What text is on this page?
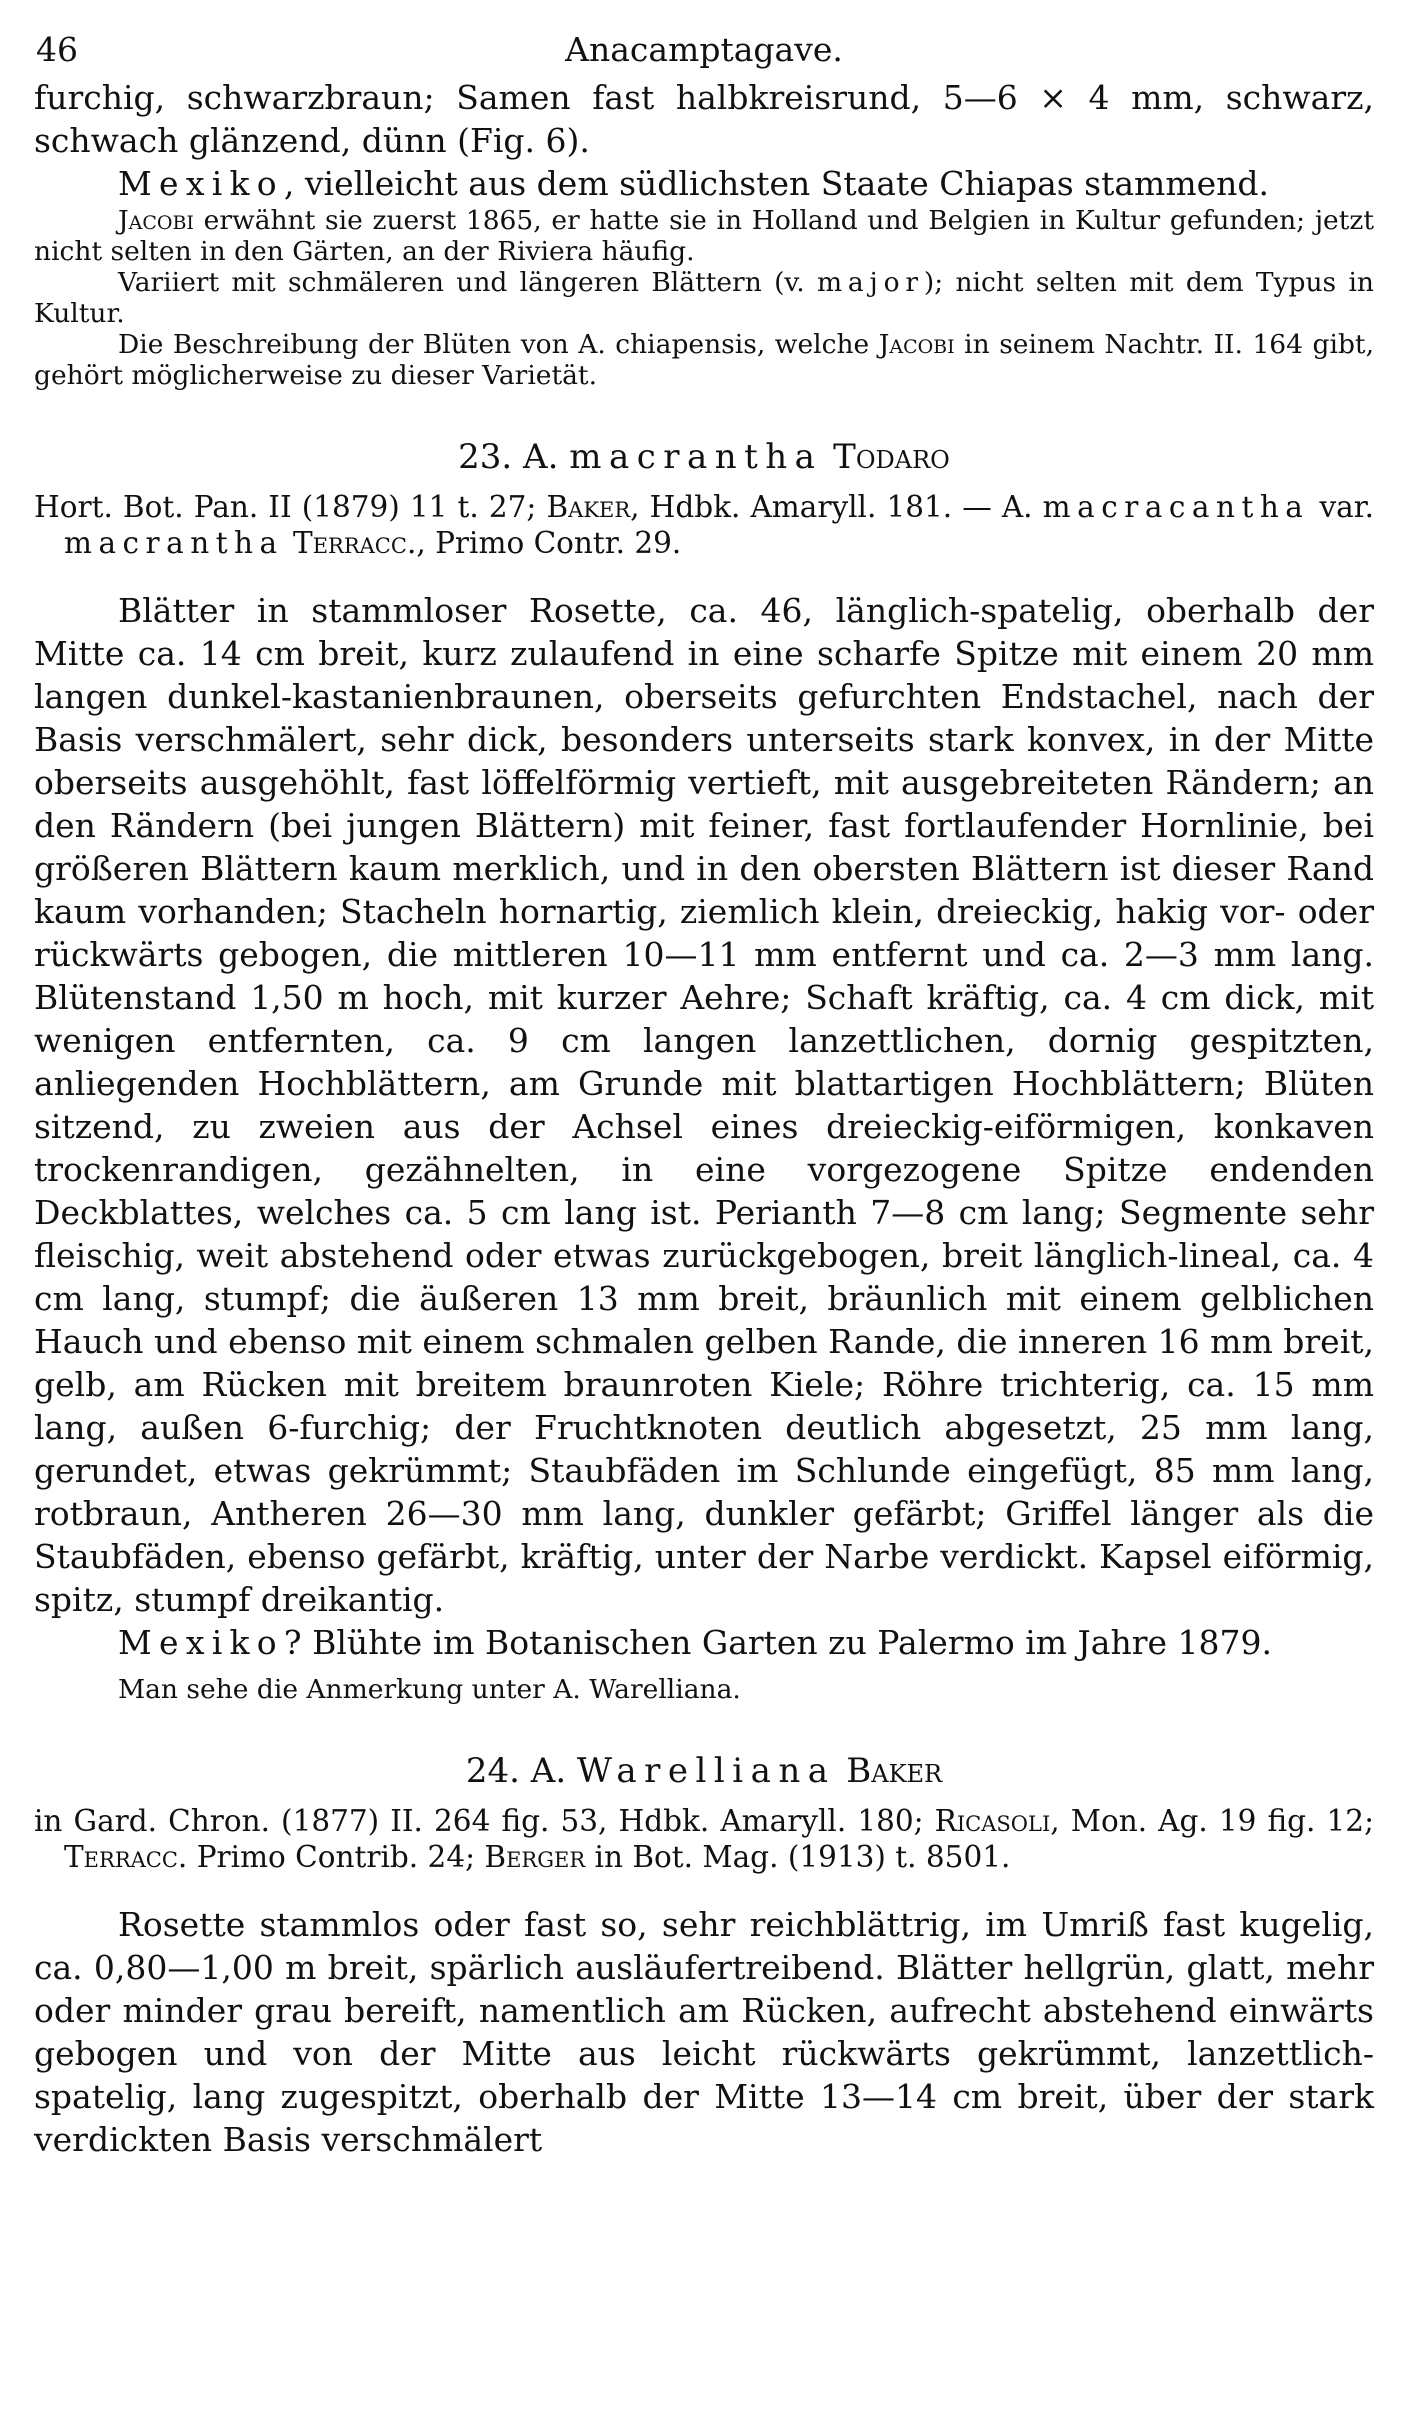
46	Anacamptagave.

furchig, schwarzbraun; Samen fast halbkreisrund, 5—6 × 4 mm, schwarz, schwach glänzend, dünn (Fig. 6).

Mexiko, vielleicht aus dem südlichsten Staate Chiapas stammend.

Jacobi erwähnt sie zuerst 1865, er hatte sie in Holland und Belgien in Kultur gefunden; jetzt nicht selten in den Gärten, an der Riviera häufig.

Variiert mit schmäleren und längeren Blättern (v. major); nicht selten mit dem Typus in Kultur.

Die Beschreibung der Blüten von A. chiapensis, welche Jacobi in seinem Nachtr. II. 164 gibt, gehört möglicherweise zu dieser Varietät.

23. A. macrantha Todaro

Hort. Bot. Pan. II (1879) 11 t. 27; Baker, Hdbk. Amaryll. 181. — A. macracantha var. macrantha Terracc., Primo Contr. 29.

Blätter in stammloser Rosette, ca. 46, länglich-spatelig, oberhalb der Mitte ca. 14 cm breit, kurz zulaufend in eine scharfe Spitze mit einem 20 mm langen dunkel-kastanienbraunen, oberseits gefurchten Endstachel, nach der Basis verschmälert, sehr dick, besonders unterseits stark konvex, in der Mitte oberseits ausgehöhlt, fast löffelförmig vertieft, mit ausgebreiteten Rändern; an den Rändern (bei jungen Blättern) mit feiner, fast fortlaufender Hornlinie, bei größeren Blättern kaum merklich, und in den obersten Blättern ist dieser Rand kaum vorhanden; Stacheln hornartig, ziemlich klein, dreieckig, hakig vor- oder rückwärts gebogen, die mittleren 10—11 mm entfernt und ca. 2—3 mm lang. Blütenstand 1,50 m hoch, mit kurzer Aehre; Schaft kräftig, ca. 4 cm dick, mit wenigen entfernten, ca. 9 cm langen lanzettlichen, dornig gespitzten, anliegenden Hochblättern, am Grunde mit blattartigen Hochblättern; Blüten sitzend, zu zweien aus der Achsel eines dreieckig-eiförmigen, konkaven trockenrandigen, gezähnelten, in eine vorgezogene Spitze endenden Deckblattes, welches ca. 5 cm lang ist. Perianth 7—8 cm lang; Segmente sehr fleischig, weit abstehend oder etwas zurückgebogen, breit länglich-lineal, ca. 4 cm lang, stumpf; die äußeren 13 mm breit, bräunlich mit einem gelblichen Hauch und ebenso mit einem schmalen gelben Rande, die inneren 16 mm breit, gelb, am Rücken mit breitem braunroten Kiele; Röhre trichterig, ca. 15 mm lang, außen 6-furchig; der Fruchtknoten deutlich abgesetzt, 25 mm lang, gerundet, etwas gekrümmt; Staubfäden im Schlunde eingefügt, 85 mm lang, rotbraun, Antheren 26—30 mm lang, dunkler gefärbt; Griffel länger als die Staubfäden, ebenso gefärbt, kräftig, unter der Narbe verdickt. Kapsel eiförmig, spitz, stumpf dreikantig.

Mexiko? Blühte im Botanischen Garten zu Palermo im Jahre 1879.

Man sehe die Anmerkung unter A. Warelliana.

24. A. Warelliana Baker

in Gard. Chron. (1877) II. 264 fig. 53, Hdbk. Amaryll. 180; Ricasoli, Mon. Ag. 19 fig. 12; Terracc. Primo Contrib. 24; Berger in Bot. Mag. (1913) t. 8501.

Rosette stammlos oder fast so, sehr reichblättrig, im Umriß fast kugelig, ca. 0,80—1,00 m breit, spärlich ausläufertreibend. Blätter hellgrün, glatt, mehr oder minder grau bereift, namentlich am Rücken, aufrecht abstehend einwärts gebogen und von der Mitte aus leicht rückwärts gekrümmt, lanzettlich-spatelig, lang zugespitzt, oberhalb der Mitte 13—14 cm breit, über der stark verdickten Basis verschmälert
